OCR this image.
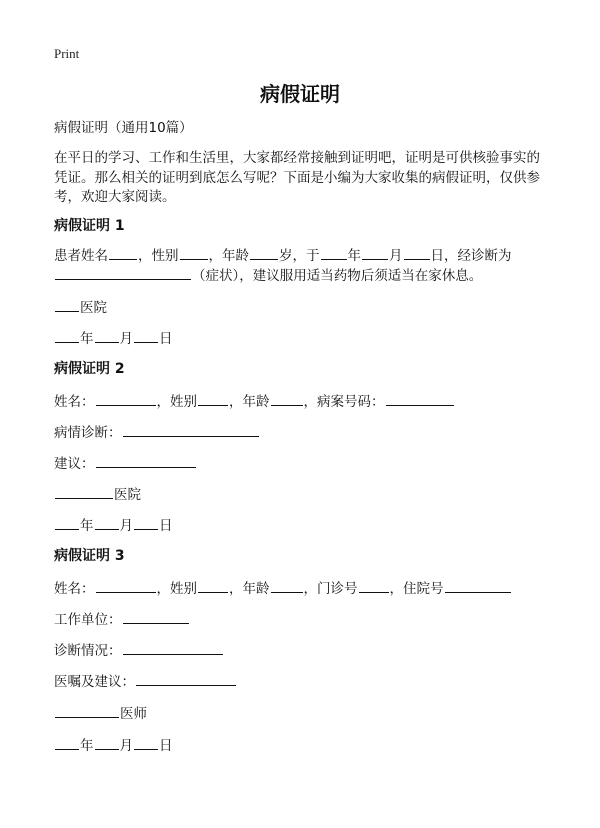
Print
病假证明
病假证明（通用10篇）
在平日的学习、工作和生活里，大家都经常接触到证明吧，证明是可供核验事实的
凭证。那么相关的证明到底怎么写呢？下面是小编为大家收集的病假证明，仅供参
考，欢迎大家阅读。
病假证明 1
患者姓名 ，性别 ，年龄 岁，于 年 月 日，经诊断为
（症状），建议服用适当药物后须适当在家休息。
医院
年 月 日
病假证明 2
姓名：	，姓别 ，年龄	，病案号码：
病情诊断：
建议：
医院
年 月 日
病假证明 3
姓名：	，姓别 ，年龄	，门诊号 ，住院号
工作单位：
诊断情况：
医嘱及建议：
医师
年 月 日
